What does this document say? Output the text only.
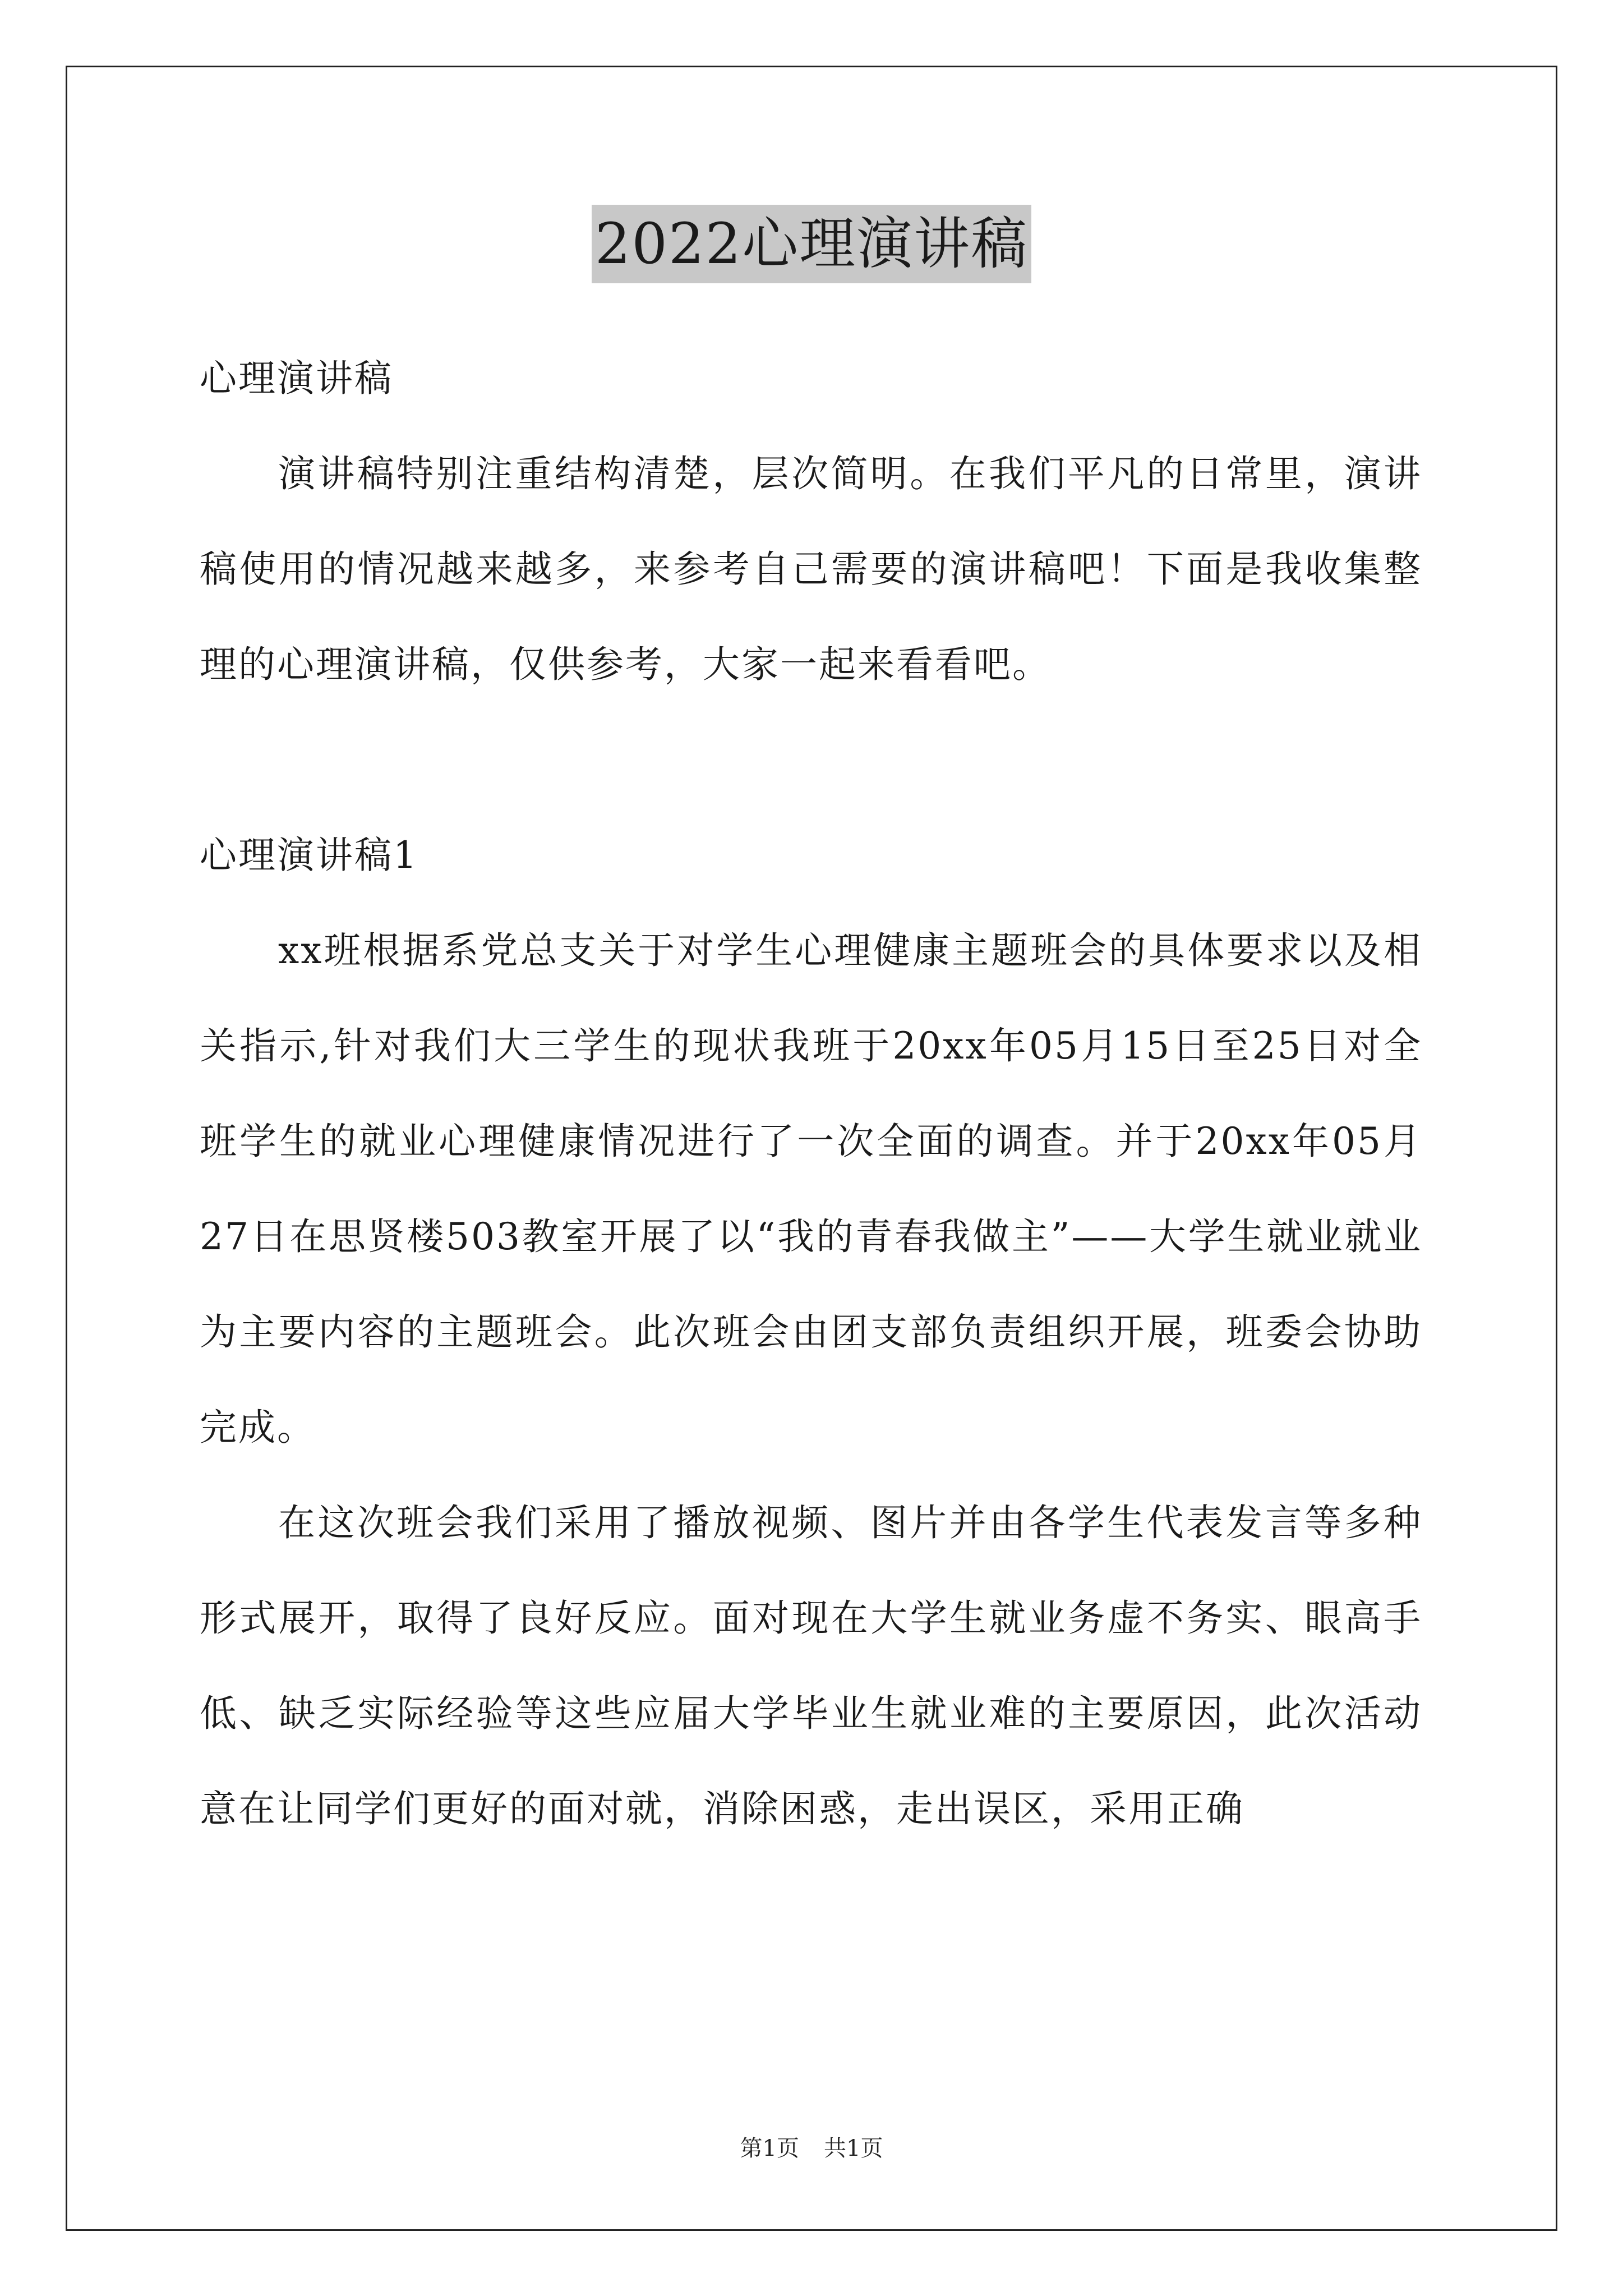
2022心理演讲稿

心理演讲稿

演讲稿特别注重结构清楚，层次简明。在我们平凡的日常里，演讲稿使用的情况越来越多，来参考自己需要的演讲稿吧！下面是我收集整理的心理演讲稿，仅供参考，大家一起来看看吧。

心理演讲稿1

xx班根据系党总支关于对学生心理健康主题班会的具体要求以及相关指示,针对我们大三学生的现状我班于20xx年05月15日至25日对全班学生的就业心理健康情况进行了一次全面的调查。并于20xx年05月27日在思贤楼503教室开展了以“我的青春我做主”——大学生就业就业为主要内容的主题班会。此次班会由团支部负责组织开展，班委会协助完成。

在这次班会我们采用了播放视频、图片并由各学生代表发言等多种形式展开，取得了良好反应。面对现在大学生就业务虚不务实、眼高手低、缺乏实际经验等这些应届大学毕业生就业难的主要原因，此次活动意在让同学们更好的面对就，消除困惑，走出误区，采用正确

第1页 共1页
